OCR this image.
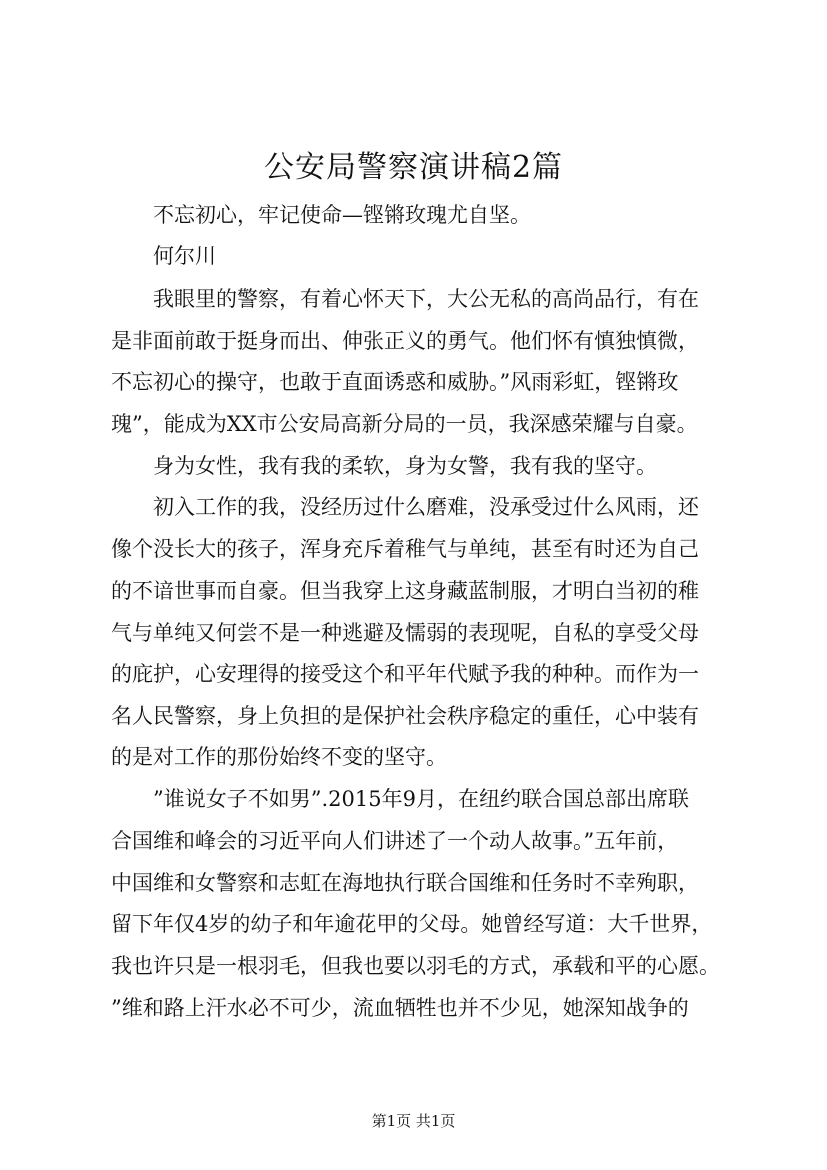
公安局警察演讲稿2篇

不忘初心，牢记使命—铿锵玫瑰尤自坚。

何尔川

我眼里的警察，有着心怀天下，大公无私的高尚品行，有在

是非面前敢于挺身而出、伸张正义的勇气。他们怀有慎独慎微，

不忘初心的操守，也敢于直面诱惑和威胁。”风雨彩虹，铿锵玫

瑰”，能成为XX市公安局高新分局的一员，我深感荣耀与自豪。

身为女性，我有我的柔软，身为女警，我有我的坚守。

初入工作的我，没经历过什么磨难，没承受过什么风雨，还

像个没长大的孩子，浑身充斥着稚气与单纯，甚至有时还为自己

的不谙世事而自豪。但当我穿上这身藏蓝制服，才明白当初的稚

气与单纯又何尝不是一种逃避及懦弱的表现呢，自私的享受父母

的庇护，心安理得的接受这个和平年代赋予我的种种。而作为一

名人民警察，身上负担的是保护社会秩序稳定的重任，心中装有

的是对工作的那份始终不变的坚守。

”谁说女子不如男”.2015年9月，在纽约联合国总部出席联

合国维和峰会的习近平向人们讲述了一个动人故事。”五年前，

中国维和女警察和志虹在海地执行联合国维和任务时不幸殉职，

留下年仅4岁的幼子和年逾花甲的父母。她曾经写道：大千世界，

我也许只是一根羽毛，但我也要以羽毛的方式，承载和平的心愿。

”维和路上汗水必不可少，流血牺牲也并不少见，她深知战争的

第1页 共1页
